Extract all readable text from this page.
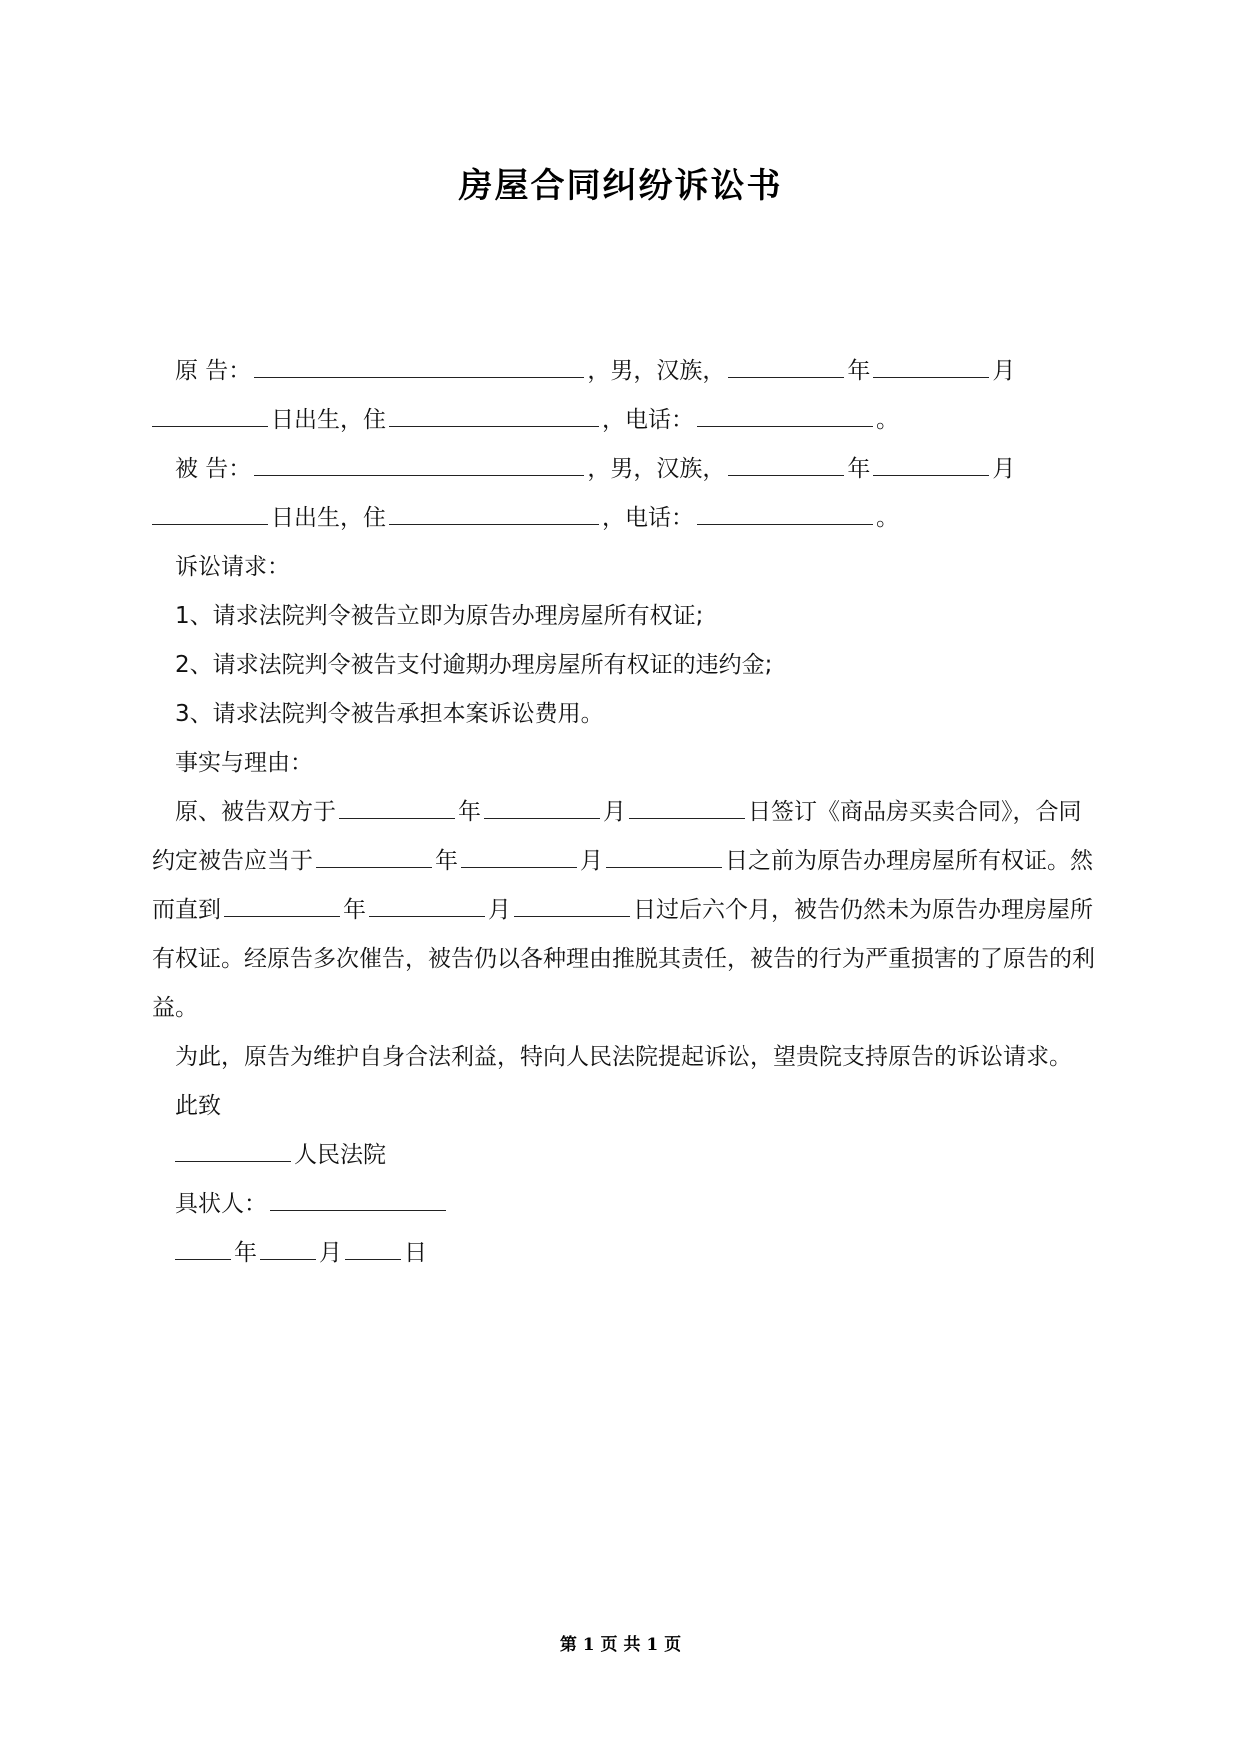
房屋合同纠纷诉讼书

原 告：	，男，汉族，	年	月日出生，住	，电话：	。

被 告：	，男，汉族，	年	月日出生，住	，电话：	。

诉讼请求：

1、请求法院判令被告立即为原告办理房屋所有权证;

2、请求法院判令被告支付逾期办理房屋所有权证的违约金;

3、请求法院判令被告承担本案诉讼费用。

事实与理由：

原、被告双方于	年	月	日签订《商品房买卖合同》，合同约定被告应当于	年	月	日之前为原告办理房屋所有权证。然而直到	年	月	日过后六个月，被告仍然未为原告办理房屋所有权证。经原告多次催告，被告仍以各种理由推脱其责任，被告的行为严重损害的了原告的利益。

为此，原告为维护自身合法利益，特向人民法院提起诉讼，望贵院支持原告的诉讼请求。

此致

人民法院

具状人：

年	月	日

第 1 页 共 1 页
